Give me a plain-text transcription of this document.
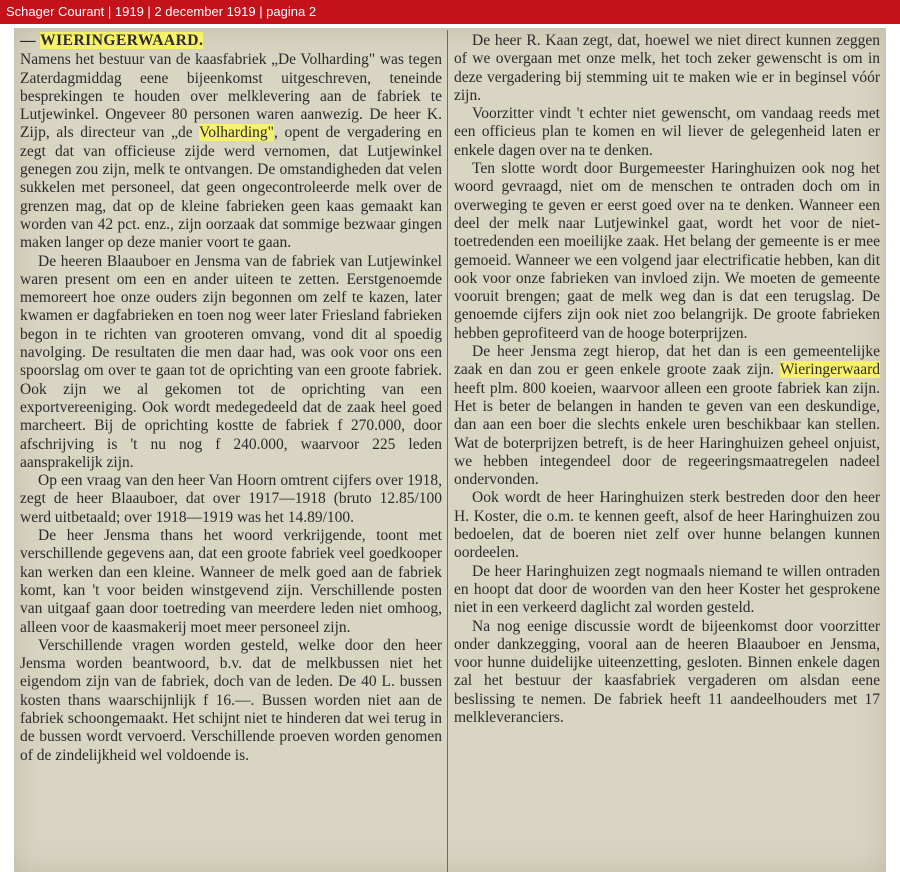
Schager Courant | 1919 | 2 december 1919 | pagina 2

— WIERINGERWAARD.

Namens het bestuur van de kaasfabriek „De Volharding" was tegen Zaterdagmiddag eene bijeenkomst uitgeschreven, teneinde besprekingen te houden over melklevering aan de fabriek te Lutjewinkel. Ongeveer 80 personen waren aanwezig. De heer K. Zijp, als directeur van „de Volharding", opent de vergadering en zegt dat van officieuse zijde werd vernomen, dat Lutjewinkel genegen zou zijn, melk te ontvangen. De omstandigheden dat velen sukkelen met personeel, dat geen ongecontroleerde melk over de grenzen mag, dat op de kleine fabrieken geen kaas gemaakt kan worden van 42 pct. enz., zijn oorzaak dat sommige bezwaar gingen maken langer op deze manier voort te gaan.

De heeren Blaauboer en Jensma van de fabriek van Lutjewinkel waren present om een en ander uiteen te zetten. Eerstgenoemde memoreert hoe onze ouders zijn begonnen om zelf te kazen, later kwamen er dagfabrieken en toen nog weer later Friesland fabrieken begon in te richten van grooteren omvang, vond dit al spoedig navolging. De resultaten die men daar had, was ook voor ons een spoorslag om over te gaan tot de oprichting van een groote fabriek. Ook zijn we al gekomen tot de oprichting van een exportvereeniging. Ook wordt medegedeeld dat de zaak heel goed marcheert. Bij de oprichting kostte de fabriek f 270.000, door afschrijving is 't nu nog f 240.000, waarvoor 225 leden aansprakelijk zijn.

Op een vraag van den heer Van Hoorn omtrent cijfers over 1918, zegt de heer Blaauboer, dat over 1917—1918 (bruto 12.85/100 werd uitbetaald; over 1918—1919 was het 14.89/100.

De heer Jensma thans het woord verkrijgende, toont met verschillende gegevens aan, dat een groote fabriek veel goedkooper kan werken dan een kleine. Wanneer de melk goed aan de fabriek komt, kan 't voor beiden winstgevend zijn. Verschillende posten van uitgaaf gaan door toetreding van meerdere leden niet omhoog, alleen voor de kaasmakerij moet meer personeel zijn.

Verschillende vragen worden gesteld, welke door den heer Jensma worden beantwoord, b.v. dat de melkbussen niet het eigendom zijn van de fabriek, doch van de leden. De 40 L. bussen kosten thans waarschijnlijk f 16.—. Bussen worden niet aan de fabriek schoongemaakt. Het schijnt niet te hinderen dat wei terug in de bussen wordt vervoerd. Verschillende proeven worden genomen of de zindelijkheid wel voldoende is.

De heer R. Kaan zegt, dat, hoewel we niet direct kunnen zeggen of we overgaan met onze melk, het toch zeker gewenscht is om in deze vergadering bij stemming uit te maken wie er in beginsel vóór zijn.

Voorzitter vindt 't echter niet gewenscht, om vandaag reeds met een officieus plan te komen en wil liever de gelegenheid laten er enkele dagen over na te denken.

Ten slotte wordt door Burgemeester Haringhuizen ook nog het woord gevraagd, niet om de menschen te ontraden doch om in overweging te geven er eerst goed over na te denken. Wanneer een deel der melk naar Lutjewinkel gaat, wordt het voor de niet-toetredenden een moeilijke zaak. Het belang der gemeente is er mee gemoeid. Wanneer we een volgend jaar electrificatie hebben, kan dit ook voor onze fabrieken van invloed zijn. We moeten de gemeente vooruit brengen; gaat de melk weg dan is dat een terugslag. De genoemde cijfers zijn ook niet zoo belangrijk. De groote fabrieken hebben geprofiteerd van de hooge boterprijzen.

De heer Jensma zegt hierop, dat het dan is een gemeentelijke zaak en dan zou er geen enkele groote zaak zijn. Wieringerwaard heeft plm. 800 koeien, waarvoor alleen een groote fabriek kan zijn. Het is beter de belangen in handen te geven van een deskundige, dan aan een boer die slechts enkele uren beschikbaar kan stellen. Wat de boterprijzen betreft, is de heer Haringhuizen geheel onjuist, we hebben integendeel door de regeeringsmaatregelen nadeel ondervonden.

Ook wordt de heer Haringhuizen sterk bestreden door den heer H. Koster, die o.m. te kennen geeft, alsof de heer Haringhuizen zou bedoelen, dat de boeren niet zelf over hunne belangen kunnen oordeelen.

De heer Haringhuizen zegt nogmaals niemand te willen ontraden en hoopt dat door de woorden van den heer Koster het gesprokene niet in een verkeerd daglicht zal worden gesteld.

Na nog eenige discussie wordt de bijeenkomst door voorzitter onder dankzegging, vooral aan de heeren Blaauboer en Jensma, voor hunne duidelijke uiteenzetting, gesloten. Binnen enkele dagen zal het bestuur der kaasfabriek vergaderen om alsdan eene beslissing te nemen. De fabriek heeft 11 aandeelhouders met 17 melkleveranciers.
